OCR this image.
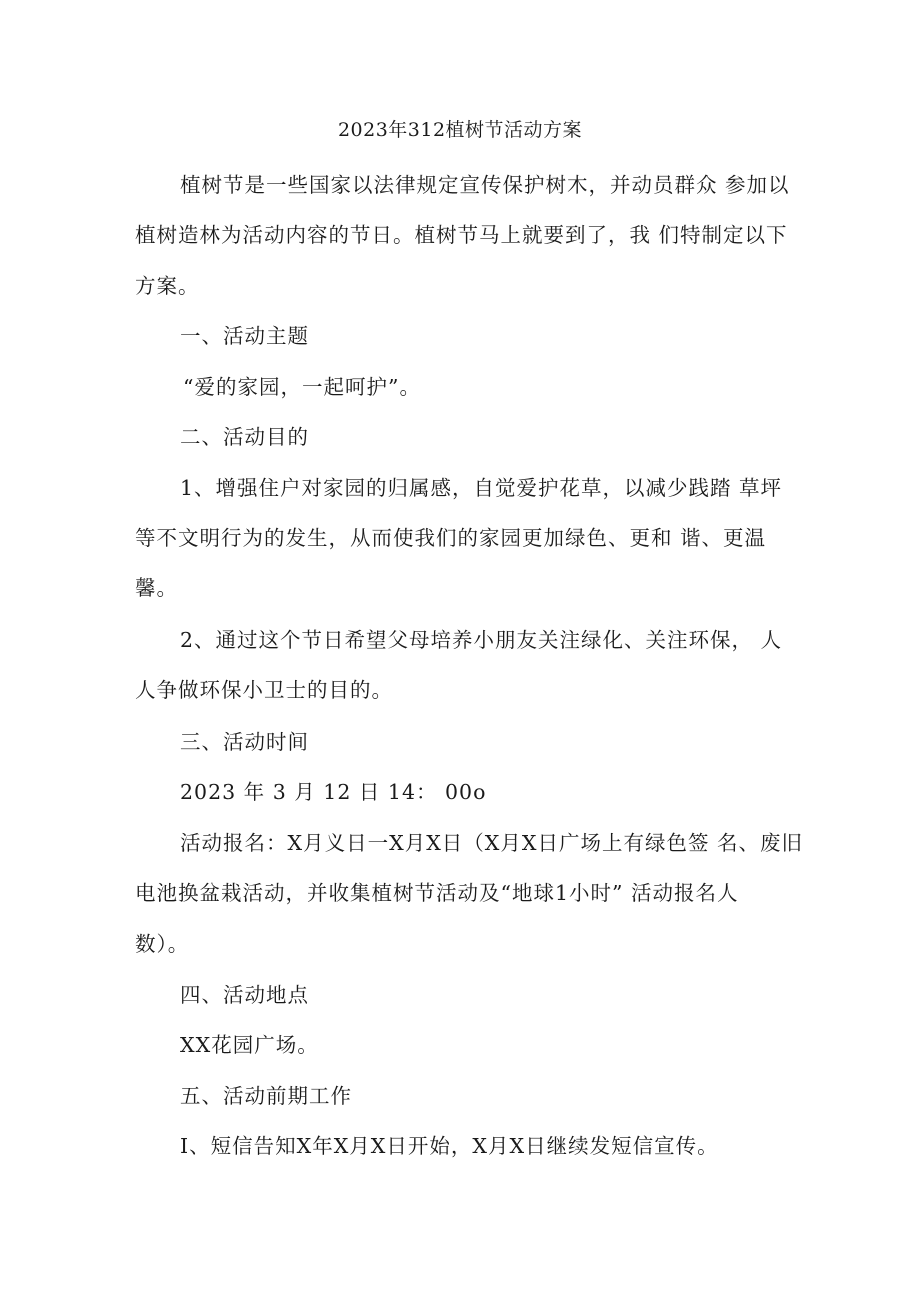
2023年312植树节活动方案
植树节是一些国家以法律规定宣传保护树木，并动员群众 参加以
植树造林为活动内容的节日。植树节马上就要到了，我 们特制定以下
方案。
一、活动主题
“爱的家园，一起呵护”。
二、活动目的
1、增强住户对家园的归属感，自觉爱护花草，以减少践踏 草坪
等不文明行为的发生，从而使我们的家园更加绿色、更和 谐、更温
馨。
2、通过这个节日希望父母培养小朋友关注绿化、关注环保， 人
人争做环保小卫士的目的。
三、活动时间
2023 年 3 月 12 日 14： 00o
活动报名：X月义日一X月X日（X月X日广场上有绿色签 名、废旧
电池换盆栽活动，并收集植树节活动及“地球1小时” 活动报名人
数）。
四、活动地点
XX花园广场。
五、活动前期工作
I、短信告知X年X月X日开始，X月X日继续发短信宣传。
